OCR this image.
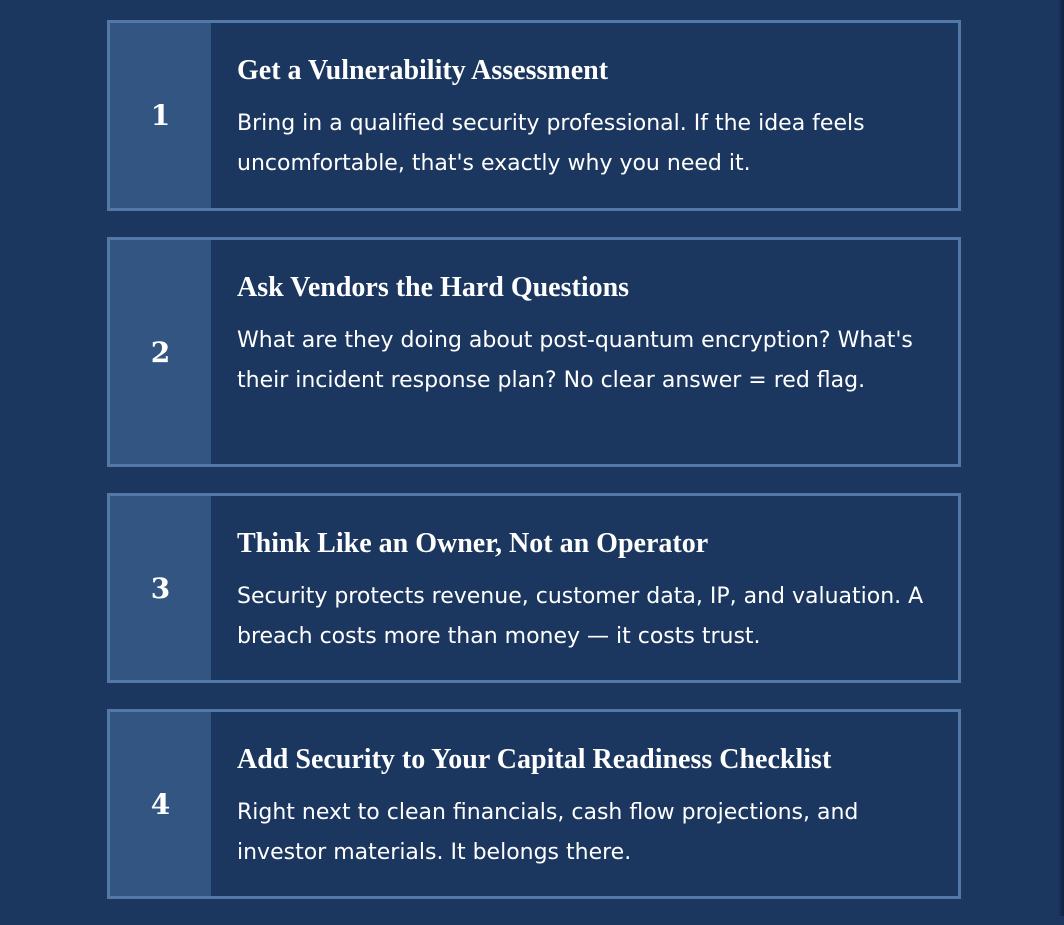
1
Get a Vulnerability Assessment

Bring in a qualified security professional. If the idea feels uncomfortable, that's exactly why you need it.

2
Ask Vendors the Hard Questions

What are they doing about post-quantum encryption? What's their incident response plan? No clear answer = red flag.

3
Think Like an Owner, Not an Operator

Security protects revenue, customer data, IP, and valuation. A breach costs more than money — it costs trust.

4
Add Security to Your Capital Readiness Checklist

Right next to clean financials, cash flow projections, and investor materials. It belongs there.
